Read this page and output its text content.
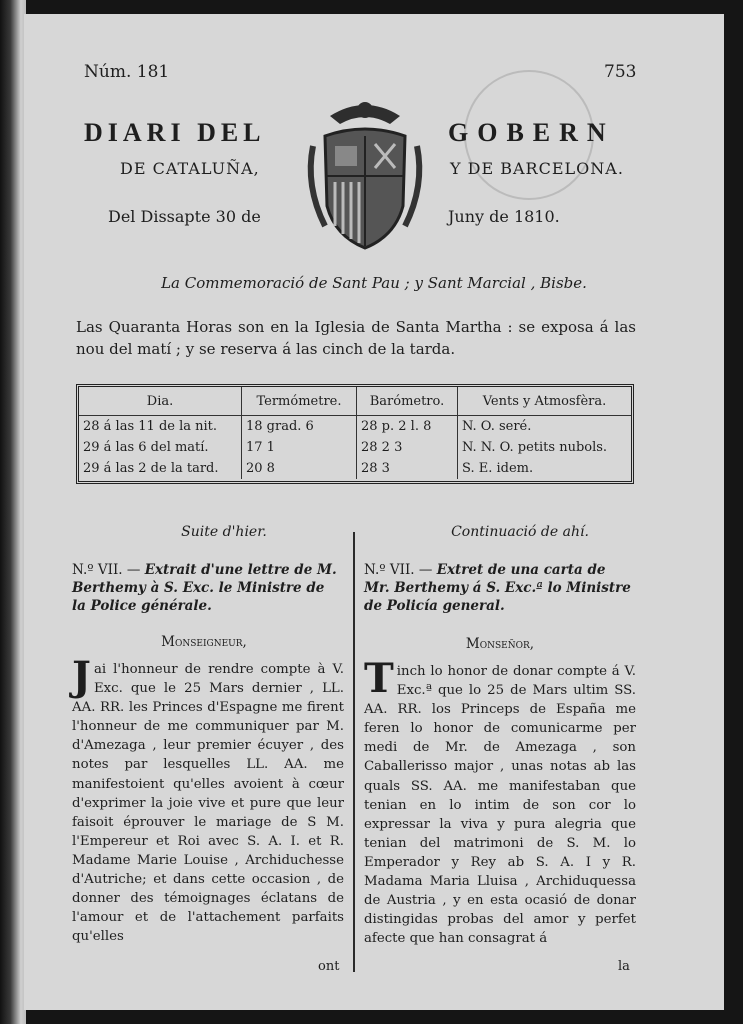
Núm. 181	753
DIARI DEL	GOBERN
DE CATALUÑA,	Y DE BARCELONA.
Del Dissapte 30 de	Juny de 1810.
La Commemoració de Sant Pau ; y Sant Marcial , Bisbe.
Las Quaranta Horas son en la Iglesia de Santa Martha : se exposa á las nou del matí ; y se reserva á las cinch de la tarda.
Dia.	Termómetre.	Barómetro.	Vents y Atmosfèra.
28 á las 11 de la nit.	18 grad. 6	28 p. 2 l. 8	N. O. seré.
29 á las 6 del matí.	17 1	28 2 3	N. N. O. petits nubols.
29 á las 2 de la tard.	20 8	28 3	S. E. idem.
Suite d'hier.	Continuació de ahí.
N.º VII. — Extrait d'une lettre de M. Berthemy à S. Exc. le Ministre de la Police générale.
N.º VII. — Extret de una carta de Mr. Berthemy á S. Exc.ª lo Ministre de Policía general.
Monseigneur,	Monseñor,
Jai l'honneur de rendre compte à V. Exc. que le 25 Mars dernier , LL. AA. RR. les Princes d'Espagne me firent l'honneur de me communiquer par M. d'Amezaga , leur premier écuyer , des notes par lesquelles LL. AA. me manifestoient qu'elles avoient à cœur d'exprimer la joie vive et pure que leur faisoit éprouver le mariage de S M. l'Empereur et Roi avec S. A. I. et R. Madame Marie Louise , Archiduchesse d'Autriche; et dans cette occasion , de donner des témoignages éclatans de l'amour et de l'attachement parfaits qu'elles
Tinch lo honor de donar compte á V. Exc.ª que lo 25 de Mars ultim SS. AA. RR. los Princeps de España me feren lo honor de comunicarme per medi de Mr. de Amezaga , son Caballerisso major , unas notas ab las quals SS. AA. me manifestaban que tenian en lo intim de son cor lo expressar la viva y pura alegria que tenian del matrimoni de S. M. lo Emperador y Rey ab S. A. I y R. Madama Maria Lluisa , Archiduquessa de Austria , y en esta ocasió de donar distingidas probas del amor y perfet afecte que han consagrat á
ont	la
